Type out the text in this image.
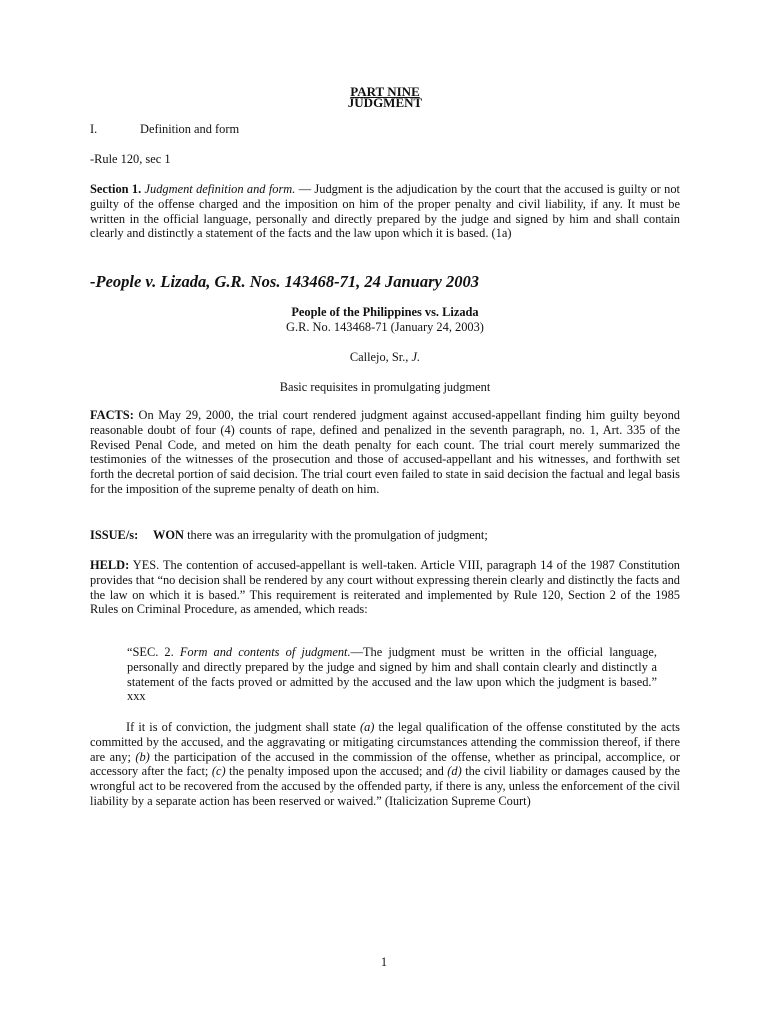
PART NINE
JUDGMENT

I.	Definition and form

-Rule 120, sec 1

Section 1. Judgment definition and form. — Judgment is the adjudication by the court that the accused is guilty or not guilty of the offense charged and the imposition on him of the proper penalty and civil liability, if any. It must be written in the official language, personally and directly prepared by the judge and signed by him and shall contain clearly and distinctly a statement of the facts and the law upon which it is based. (1a)

-People v. Lizada, G.R. Nos. 143468-71, 24 January 2003

People of the Philippines vs. Lizada

G.R. No. 143468-71 (January 24, 2003)

Callejo, Sr., J.

Basic requisites in promulgating judgment

FACTS: On May 29, 2000, the trial court rendered judgment against accused-appellant finding him guilty beyond reasonable doubt of four (4) counts of rape, defined and penalized in the seventh paragraph, no. 1, Art. 335 of the Revised Penal Code, and meted on him the death penalty for each count. The trial court merely summarized the testimonies of the witnesses of the prosecution and those of accused-appellant and his witnesses, and forthwith set forth the decretal portion of said decision. The trial court even failed to state in said decision the factual and legal basis for the imposition of the supreme penalty of death on him.

ISSUE/s: WON there was an irregularity with the promulgation of judgment;

HELD: YES. The contention of accused-appellant is well-taken. Article VIII, paragraph 14 of the 1987 Constitution provides that “no decision shall be rendered by any court without expressing therein clearly and distinctly the facts and the law on which it is based.” This requirement is reiterated and implemented by Rule 120, Section 2 of the 1985 Rules on Criminal Procedure, as amended, which reads:

“SEC. 2. Form and contents of judgment.—The judgment must be written in the official language, personally and directly prepared by the judge and signed by him and shall contain clearly and distinctly a statement of the facts proved or admitted by the accused and the law upon which the judgment is based.” xxx

If it is of conviction, the judgment shall state (a) the legal qualification of the offense constituted by the acts committed by the accused, and the aggravating or mitigating circumstances attending the commission thereof, if there are any; (b) the participation of the accused in the commission of the offense, whether as principal, accomplice, or accessory after the fact; (c) the penalty imposed upon the accused; and (d) the civil liability or damages caused by the wrongful act to be recovered from the accused by the offended party, if there is any, unless the enforcement of the civil liability by a separate action has been reserved or waived.” (Italicization Supreme Court)

1
